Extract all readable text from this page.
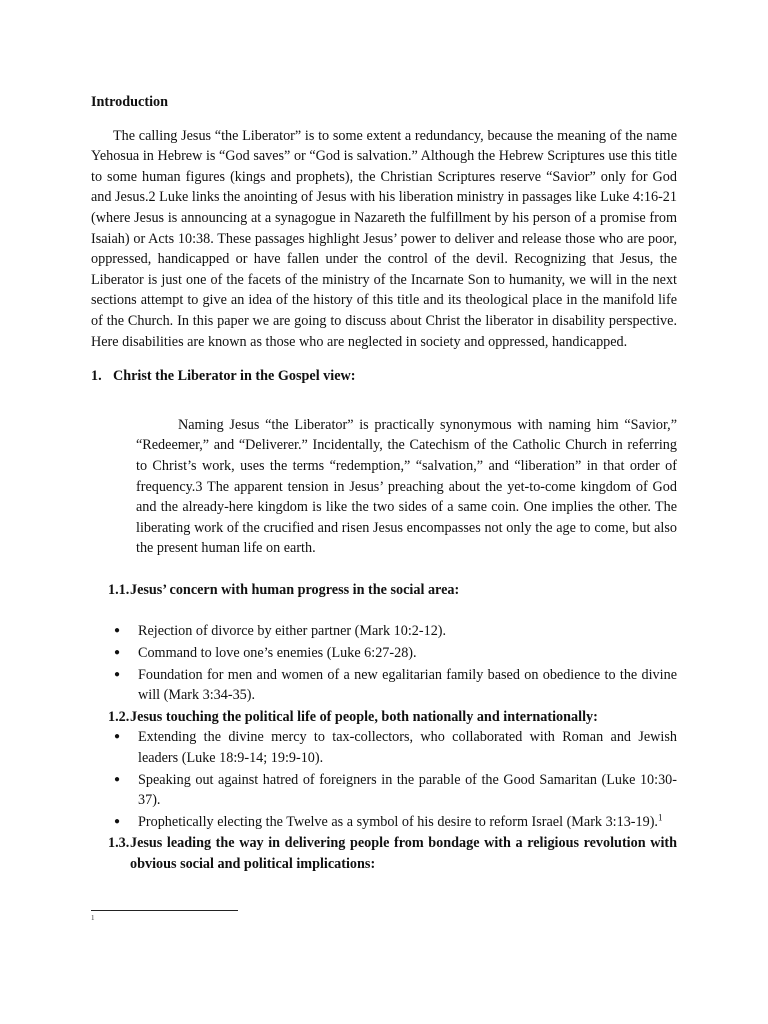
Introduction

The calling Jesus “the Liberator” is to some extent a redundancy, because the meaning of the name Yehosua in Hebrew is “God saves” or “God is salvation.” Although the Hebrew Scriptures use this title to some human figures (kings and prophets), the Christian Scriptures reserve “Savior” only for God and Jesus.2 Luke links the anointing of Jesus with his liberation ministry in passages like Luke 4:16-21 (where Jesus is announcing at a synagogue in Nazareth the fulfillment by his person of a promise from Isaiah) or Acts 10:38. These passages highlight Jesus’ power to deliver and release those who are poor, oppressed, handicapped or have fallen under the control of the devil. Recognizing that Jesus, the Liberator is just one of the facets of the ministry of the Incarnate Son to humanity, we will in the next sections attempt to give an idea of the history of this title and its theological place in the manifold life of the Church. In this paper we are going to discuss about Christ the liberator in disability perspective. Here disabilities are known as those who are neglected in society and oppressed, handicapped.

1. Christ the Liberator in the Gospel view:

Naming Jesus “the Liberator” is practically synonymous with naming him “Savior,” “Redeemer,” and “Deliverer.” Incidentally, the Catechism of the Catholic Church in referring to Christ’s work, uses the terms “redemption,” “salvation,” and “liberation” in that order of frequency.3 The apparent tension in Jesus’ preaching about the yet-to-come kingdom of God and the already-here kingdom is like the two sides of a same coin. One implies the other. The liberating work of the crucified and risen Jesus encompasses not only the age to come, but also the present human life on earth.

1.1. Jesus’ concern with human progress in the social area:

● Rejection of divorce by either partner (Mark 10:2-12).
● Command to love one’s enemies (Luke 6:27-28).
● Foundation for men and women of a new egalitarian family based on obedience to the divine will (Mark 3:34-35).

1.2. Jesus touching the political life of people, both nationally and internationally:

● Extending the divine mercy to tax-collectors, who collaborated with Roman and Jewish leaders (Luke 18:9-14; 19:9-10).
● Speaking out against hatred of foreigners in the parable of the Good Samaritan (Luke 10:30-37).
● Prophetically electing the Twelve as a symbol of his desire to reform Israel (Mark 3:13-19).$^1$

1.3. Jesus leading the way in delivering people from bondage with a religious revolution with obvious social and political implications:

1
